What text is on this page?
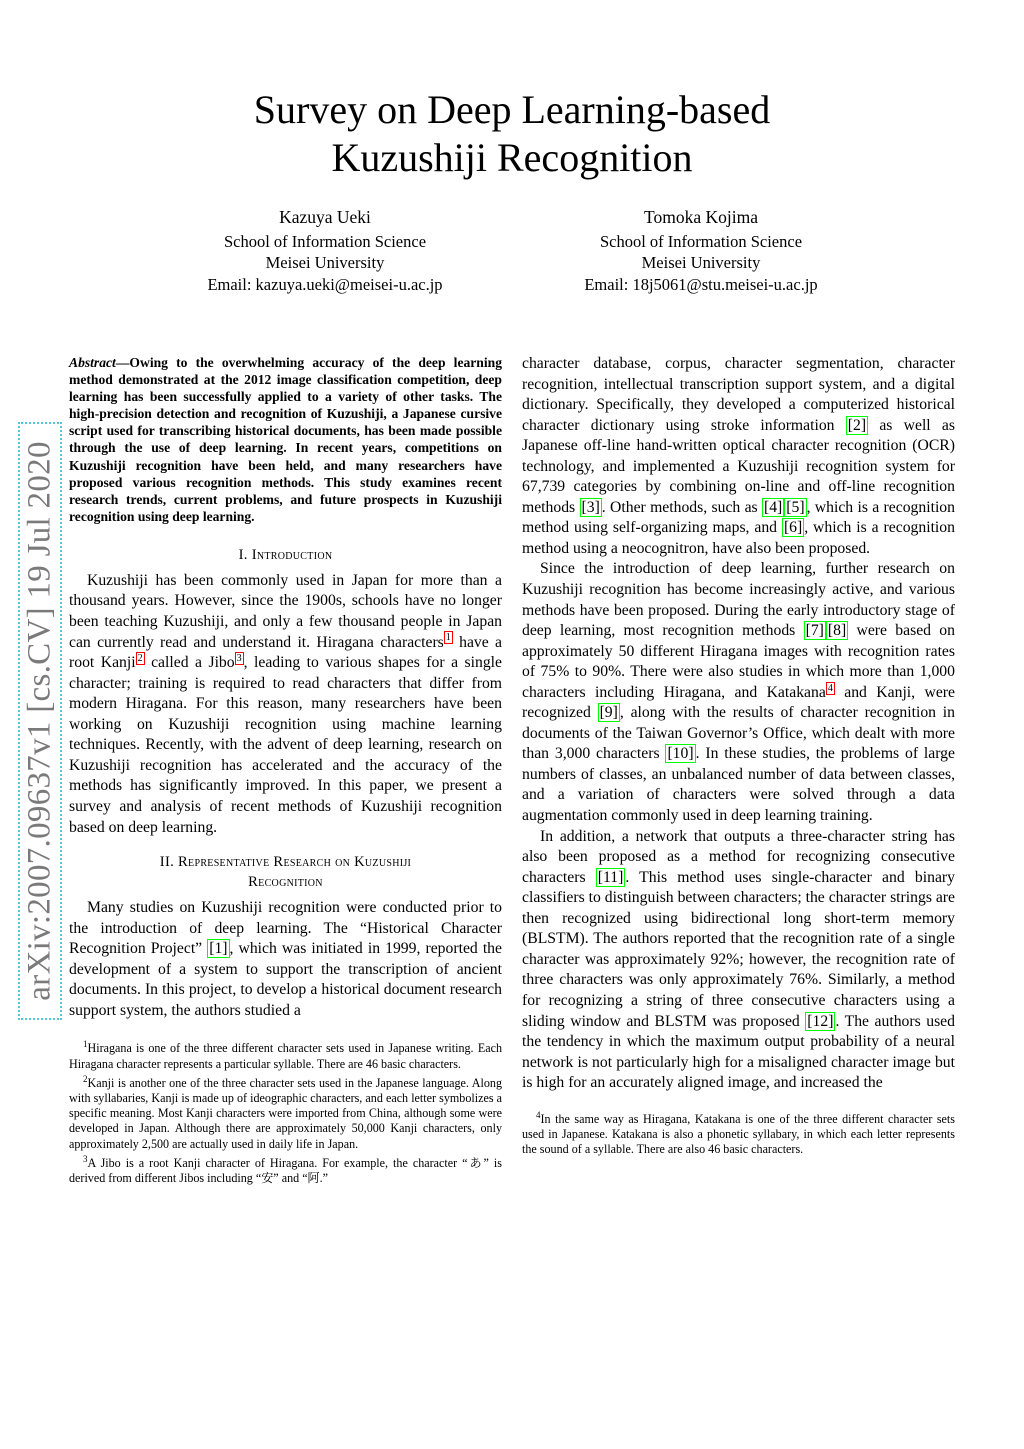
Survey on Deep Learning-based
Kuzushiji Recognition
Kazuya Ueki
School of Information Science
Meisei University
Email: kazuya.ueki@meisei-u.ac.jp
Tomoka Kojima
School of Information Science
Meisei University
Email: 18j5061@stu.meisei-u.ac.jp
arXiv:2007.09637v1 [cs.CV] 19 Jul 2020

Abstract—Owing to the overwhelming accuracy of the deep learning method demonstrated at the 2012 image classification competition, deep learning has been successfully applied to a variety of other tasks. The high-precision detection and recognition of Kuzushiji, a Japanese cursive script used for transcribing historical documents, has been made possible through the use of deep learning. In recent years, competitions on Kuzushiji recognition have been held, and many researchers have proposed various recognition methods. This study examines recent research trends, current problems, and future prospects in Kuzushiji recognition using deep learning.

I. Introduction

Kuzushiji has been commonly used in Japan for more than a thousand years. However, since the 1900s, schools have no longer been teaching Kuzushiji, and only a few thousand people in Japan can currently read and understand it. Hiragana characters $^1$ have a root Kanji $^2$ called a Jibo $^3$ , leading to various shapes for a single character; training is required to read characters that differ from modern Hiragana. For this reason, many researchers have been working on Kuzushiji recognition using machine learning techniques. Recently, with the advent of deep learning, research on Kuzushiji recognition has accelerated and the accuracy of the methods has significantly improved. In this paper, we present a survey and analysis of recent methods of Kuzushiji recognition based on deep learning.

II. Representative Research on Kuzushiji
Recognition

Many studies on Kuzushiji recognition were conducted prior to the introduction of deep learning. The “Historical Character Recognition Project” [1] , which was initiated in 1999, reported the development of a system to support the transcription of ancient documents. In this project, to develop a historical document research support system, the authors studied a

$^1$Hiragana is one of the three different character sets used in Japanese writing. Each Hiragana character represents a particular syllable. There are 46 basic characters.

$^2$Kanji is another one of the three character sets used in the Japanese language. Along with syllabaries, Kanji is made up of ideographic characters, and each letter symbolizes a specific meaning. Most Kanji characters were imported from China, although some were developed in Japan. Although there are approximately 50,000 Kanji characters, only approximately 2,500 are actually used in daily life in Japan.

$^3$A Jibo is a root Kanji character of Hiragana. For example, the character “あ” is derived from different Jibos including “安” and “阿.”

character database, corpus, character segmentation, character recognition, intellectual transcription support system, and a digital dictionary. Specifically, they developed a computerized historical character dictionary using stroke information [2] as well as Japanese off-line hand-written optical character recognition (OCR) technology, and implemented a Kuzushiji recognition system for 67,739 categories by combining on-line and off-line recognition methods [3] . Other methods, such as [4] [5] , which is a recognition method using self-organizing maps, and [6] , which is a recognition method using a neocognitron, have also been proposed.

Since the introduction of deep learning, further research on Kuzushiji recognition has become increasingly active, and various methods have been proposed. During the early introductory stage of deep learning, most recognition methods [7] [8] were based on approximately 50 different Hiragana images with recognition rates of 75% to 90%. There were also studies in which more than 1,000 characters including Hiragana, and Katakana $^4$ and Kanji, were recognized [9] , along with the results of character recognition in documents of the Taiwan Governor’s Office, which dealt with more than 3,000 characters [10] . In these studies, the problems of large numbers of classes, an unbalanced number of data between classes, and a variation of characters were solved through a data augmentation commonly used in deep learning training.

In addition, a network that outputs a three-character string has also been proposed as a method for recognizing consecutive characters [11] . This method uses single-character and binary classifiers to distinguish between characters; the character strings are then recognized using bidirectional long short-term memory (BLSTM). The authors reported that the recognition rate of a single character was approximately 92%; however, the recognition rate of three characters was only approximately 76%. Similarly, a method for recognizing a string of three consecutive characters using a sliding window and BLSTM was proposed [12] . The authors used the tendency in which the maximum output probability of a neural network is not particularly high for a misaligned character image but is high for an accurately aligned image, and increased the

$^4$In the same way as Hiragana, Katakana is one of the three different character sets used in Japanese. Katakana is also a phonetic syllabary, in which each letter represents the sound of a syllable. There are also 46 basic characters.
